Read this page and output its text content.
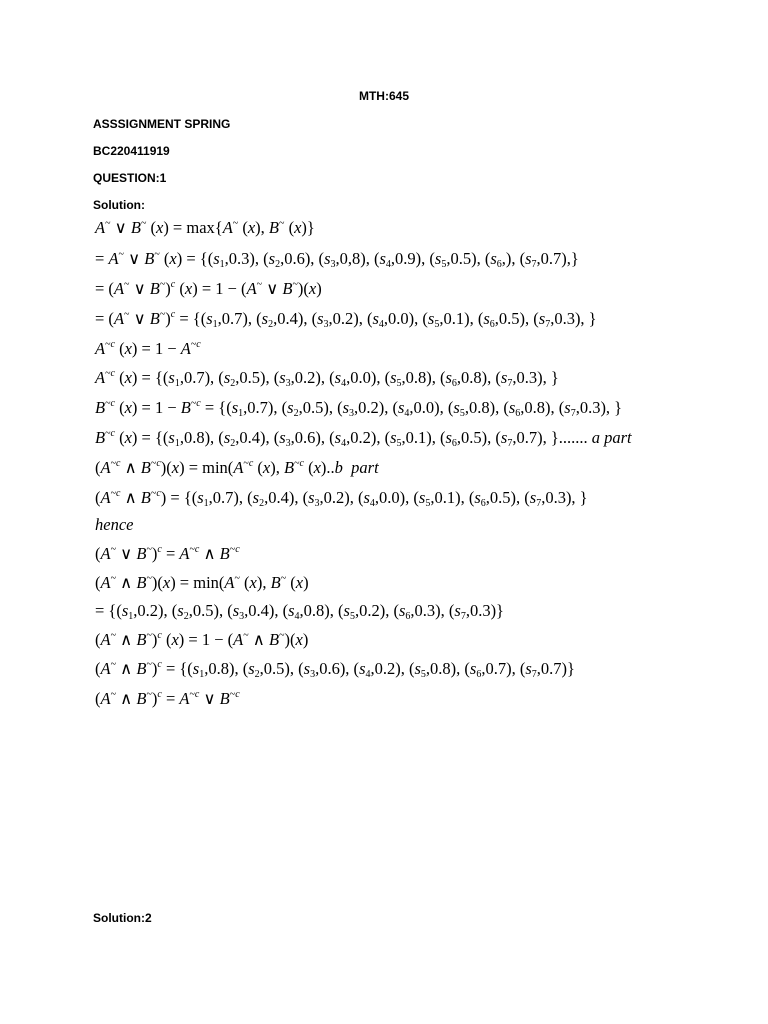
MTH:645
ASSSIGNMENT SPRING
BC220411919
QUESTION:1
Solution:
A~ ∨ B~ (x) = max{A~ (x), B~ (x)}
= A~ ∨ B~ $(x) = \{(s_1,0.3)$, $(s_2,0.6)$, $(s_3,0,8)$, $(s_4,0.9)$, $(s_5,0.5)$, $(s_6,)$, $(s_7,0.7)$,}
= (A~ ∨ B~)$^c$ (x) = 1 − (A~ ∨ B~)(x)
= (A~ ∨ $B^\sim)^c = \{(s_1,0.7)$, $(s_2,0.4)$, $(s_3,0.2)$, $(s_4,0.0)$, $(s_5,0.1)$, $(s_6,0.5)$, $(s_7,0.3)$, }
$A^{\sim c}$ $(x) = 1 - A^{\sim c}$
$A^{\sim c}$ $(x) = \{(s_1,0.7)$, $(s_2,0.5)$, $(s_3,0.2)$, $(s_4,0.0)$, $(s_5,0.8)$, $(s_6,0.8)$, $(s_7,0.3)$, }
$B^{\sim c}$ $(x) = 1 - B^{\sim c} = \{(s_1,0.7)$, $(s_2,0.5)$, $(s_3,0.2)$, $(s_4,0.0)$, $(s_5,0.8)$, $(s_6,0.8)$, $(s_7,0.3)$, }
$B^{\sim c}$ $(x) = \{(s_1,0.8)$, $(s_2,0.4)$, $(s_3,0.6)$, $(s_4,0.2)$, $(s_5,0.1)$, $(s_6,0.5)$, $(s_7,0.7)$, }....... a part
($A^{\sim c}$ ∧ $B^{\sim c})(x) = \min(A^{\sim c}$ (x), $B^{\sim c}$ (x)..b part
($A^{\sim c}$ ∧ $B^{\sim c}) = \{(s_1,0.7)$, $(s_2,0.4)$, $(s_3,0.2)$, $(s_4,0.0)$, $(s_5,0.1)$, $(s_6,0.5)$, $(s_7,0.3)$, }
hence
(A~ ∨ $B^\sim)^c = A^{\sim c}$ ∧ $B^{\sim c}$
(A~ ∧ B~)(x) = min(A~ (x), B~ (x)
= {$(s_1,0.2)$, $(s_2,0.5)$, $(s_3,0.4)$, $(s_4,0.8)$, $(s_5,0.2)$, $(s_6,0.3)$, $(s_7,0.3)$}
(A~ ∧ B~)$^c$ (x) = 1 − (A~ ∧ B~)(x)
(A~ ∧ $B^\sim)^c = \{(s_1,0.8)$, $(s_2,0.5)$, $(s_3,0.6)$, $(s_4,0.2)$, $(s_5,0.8)$, $(s_6,0.7)$, $(s_7,0.7)$}
(A~ ∧ $B^\sim)^c = A^{\sim c}$ ∨ $B^{\sim c}$
Solution:2
